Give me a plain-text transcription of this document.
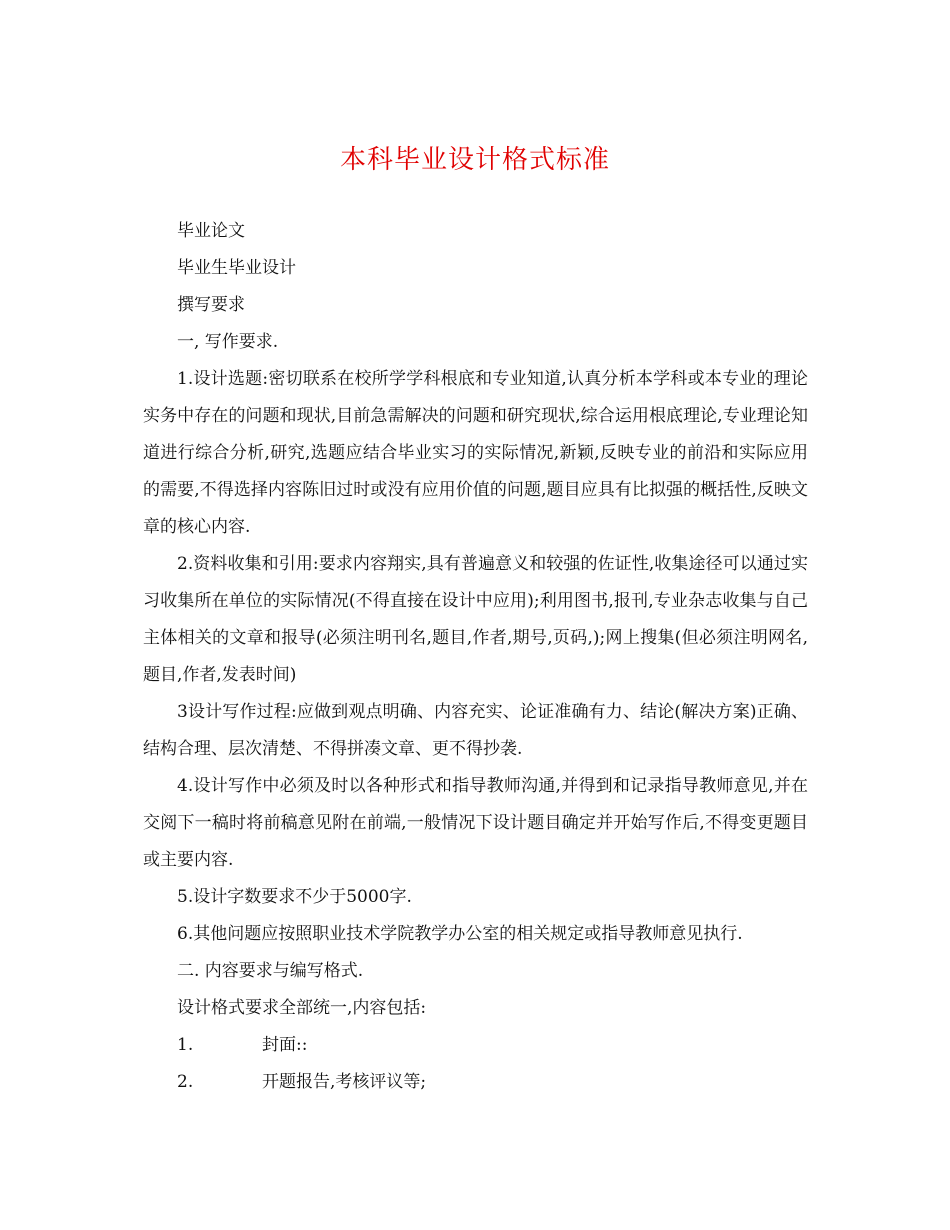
本科毕业设计格式标准

毕业论文

毕业生毕业设计

撰写要求

一, 写作要求.

1.设计选题:密切联系在校所学学科根底和专业知道,认真分析本学科或本专业的理论实务中存在的问题和现状,目前急需解决的问题和研究现状,综合运用根底理论,专业理论知道进行综合分析,研究,选题应结合毕业实习的实际情况,新颖,反映专业的前沿和实际应用的需要,不得选择内容陈旧过时或没有应用价值的问题,题目应具有比拟强的概括性,反映文章的核心内容.

2.资料收集和引用:要求内容翔实,具有普遍意义和较强的佐证性,收集途径可以通过实习收集所在单位的实际情况(不得直接在设计中应用);利用图书,报刊,专业杂志收集与自己主体相关的文章和报导(必须注明刊名,题目,作者,期号,页码,);网上搜集(但必须注明网名,题目,作者,发表时间)

3设计写作过程:应做到观点明确、内容充实、论证准确有力、结论(解决方案)正确、结构合理、层次清楚、不得拼凑文章、更不得抄袭.

4.设计写作中必须及时以各种形式和指导教师沟通,并得到和记录指导教师意见,并在交阅下一稿时将前稿意见附在前端,一般情况下设计题目确定并开始写作后,不得变更题目或主要内容.

5.设计字数要求不少于5000字.

6.其他问题应按照职业技术学院教学办公室的相关规定或指导教师意见执行.

二. 内容要求与编写格式.

设计格式要求全部统一,内容包括:

1.	封面::
2.	开题报告,考核评议等;
